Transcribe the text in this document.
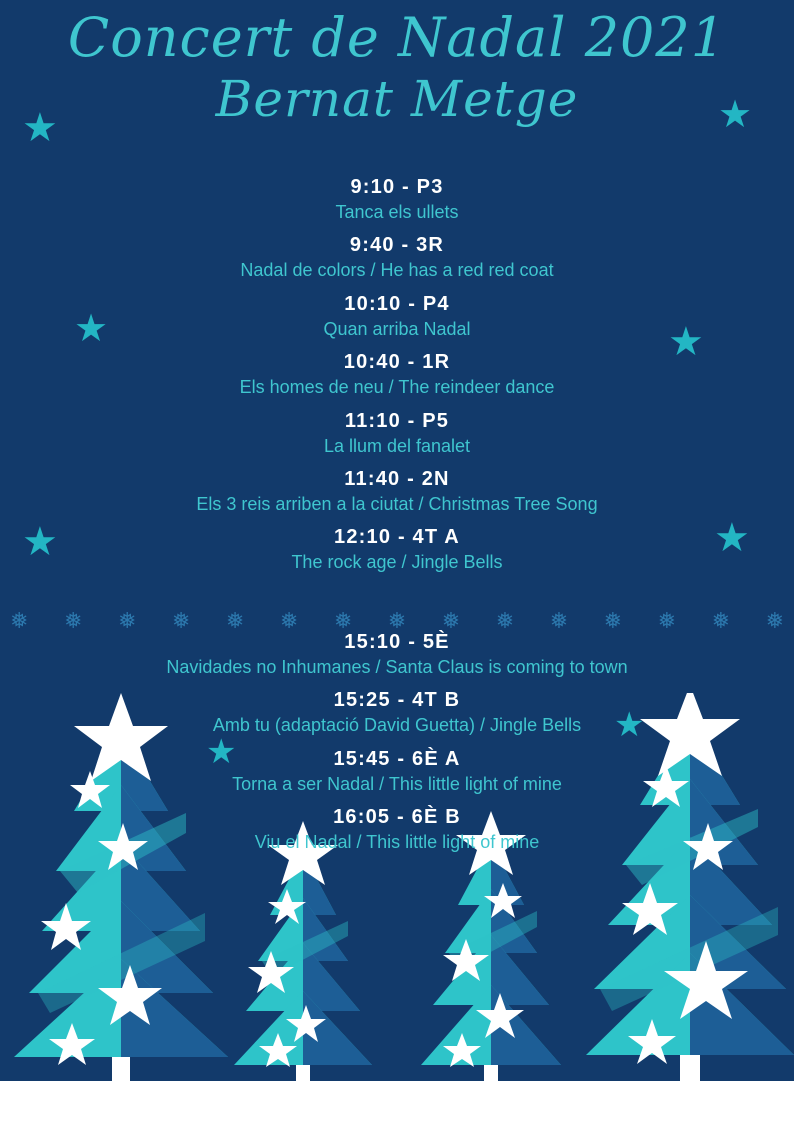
★	★
★	★
★	★
★
★
Concert de Nadal 2021
Bernat Metge
9:10 - P3
Tanca els ullets
9:40 - 3R
Nadal de colors / He has a red red coat
10:10 - P4
Quan arriba Nadal
10:40 - 1R
Els homes de neu / The reindeer dance
11:10 - P5
La llum del fanalet
11:40 - 2N
Els 3 reis arriben a la ciutat / Christmas Tree Song
12:10 - 4T A
The rock age / Jingle Bells
15:10 - 5È
Navidades no Inhumanes / Santa Claus is coming to town
15:25 - 4T B
Amb tu (adaptació David Guetta) / Jingle Bells
15:45 - 6È A
Torna a ser Nadal / This little light of mine
16:05 - 6È B
Viu el Nadal / This little light of mine
❅ ❅ ❅ ❅ ❅ ❅ ❅ ❅ ❅ ❅ ❅ ❅ ❅ ❅ ❅
